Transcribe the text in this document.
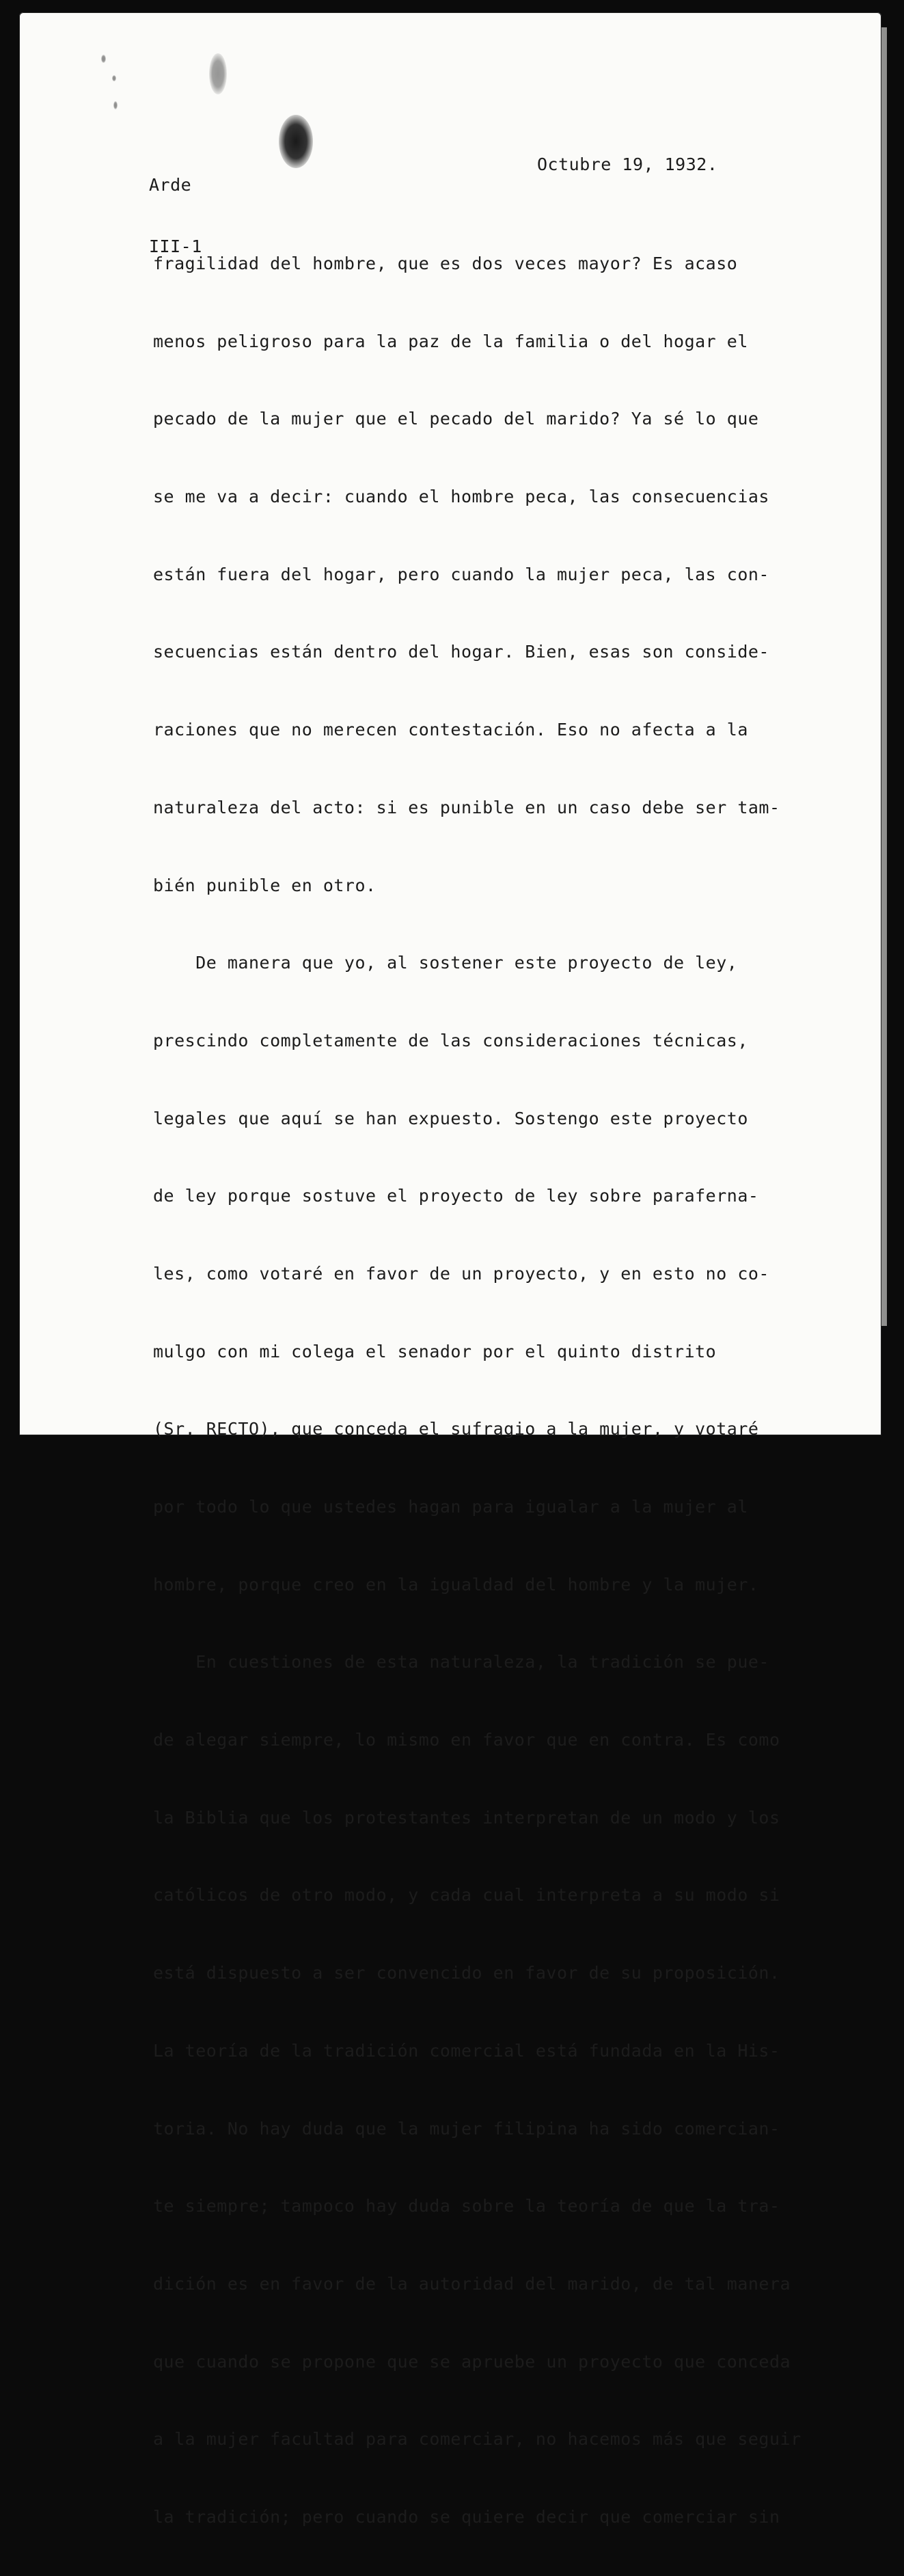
Arde

III-1

Octubre 19, 1932.

fragilidad del hombre, que es dos veces mayor? Es acaso

menos peligroso para la paz de la familia o del hogar el

pecado de la mujer que el pecado del marido? Ya sé lo que

se me va a decir: cuando el hombre peca, las consecuencias

están fuera del hogar, pero cuando la mujer peca, las con-

secuencias están dentro del hogar. Bien, esas son conside-

raciones que no merecen contestación. Eso no afecta a la

naturaleza del acto: si es punible en un caso debe ser tam-

bién punible en otro.

De manera que yo, al sostener este proyecto de ley,

prescindo completamente de las consideraciones técnicas,

legales que aquí se han expuesto. Sostengo este proyecto

de ley porque sostuve el proyecto de ley sobre paraferna-

les, como votaré en favor de un proyecto, y en esto no co-

mulgo con mi colega el senador por el quinto distrito

(Sr. RECTO), que conceda el sufragio a la mujer, y votaré

por todo lo que ustedes hagan para igualar a la mujer al

hombre, porque creo en la igualdad del hombre y la mujer.

En cuestiones de esta naturaleza, la tradición se pue-

de alegar siempre, lo mismo en favor que en contra. Es como

la Biblia que los protestantes interpretan de un modo y los

católicos de otro modo, y cada cual interpreta a su modo si

está dispuesto a ser convencido en favor de su proposición.

La teoría de la tradición comercial está fundada en la His-

toria. No hay duda que la mujer filipina ha sido comercian-

te siempre; tampoco hay duda sobre la teoría de que la tra-

dición es en favor de la autoridad del marido, de tal manera

que cuando se propone que se apruebe un proyecto que conceda

a la mujer facultad para comerciar, no hacemos más que seguir

la tradición; pero cuando se quiere decir que comerciar sin
